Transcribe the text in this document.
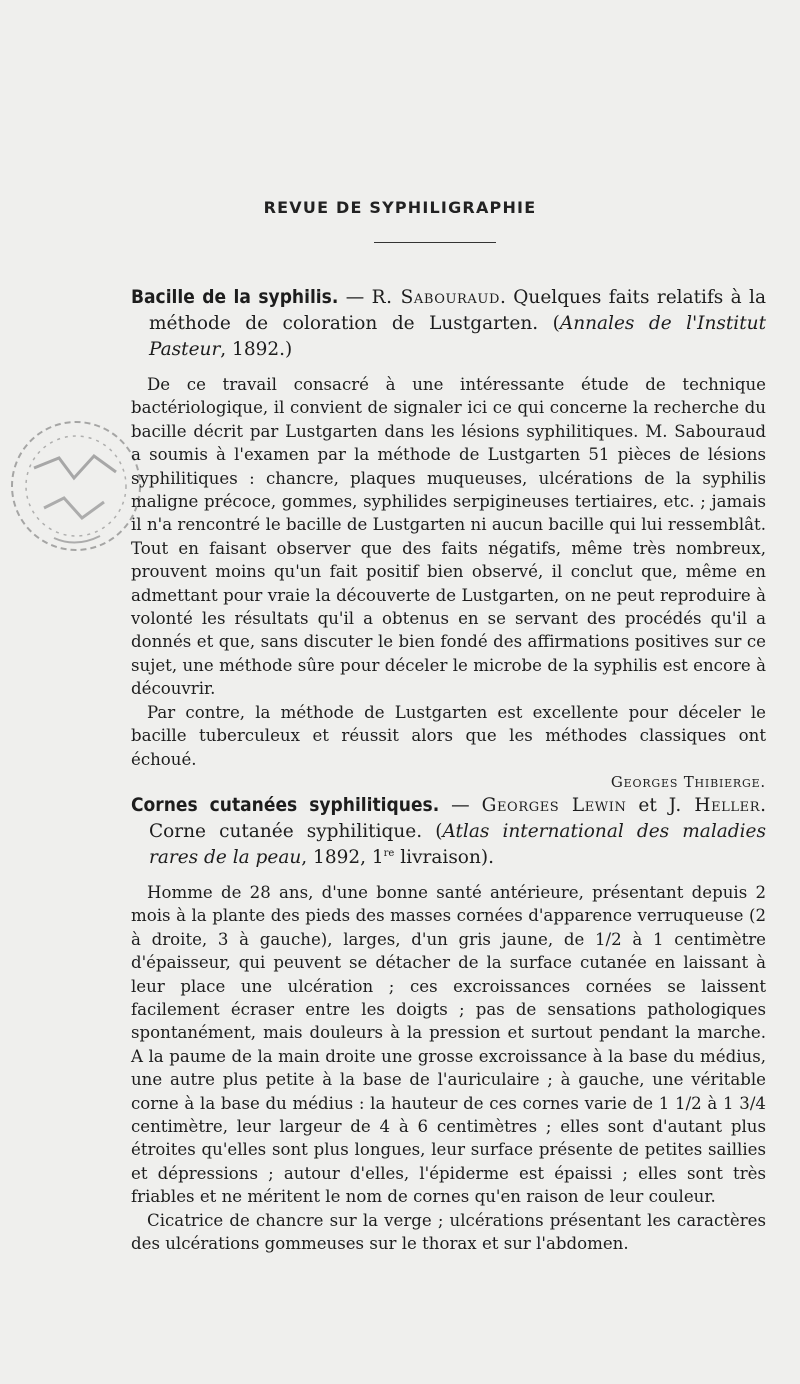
REVUE DE SYPHILIGRAPHIE

Bacille de la syphilis. — R. Sabouraud. Quelques faits relatifs à la méthode de coloration de Lustgarten. (Annales de l'Institut Pasteur, 1892.)

De ce travail consacré à une intéressante étude de technique bactériologique, il convient de signaler ici ce qui concerne la recherche du bacille décrit par Lustgarten dans les lésions syphilitiques. M. Sabouraud a soumis à l'examen par la méthode de Lustgarten 51 pièces de lésions syphilitiques : chancre, plaques muqueuses, ulcérations de la syphilis maligne précoce, gommes, syphilides serpigineuses tertiaires, etc. ; jamais il n'a rencontré le bacille de Lustgarten ni aucun bacille qui lui ressemblât. Tout en faisant observer que des faits négatifs, même très nombreux, prouvent moins qu'un fait positif bien observé, il conclut que, même en admettant pour vraie la découverte de Lustgarten, on ne peut reproduire à volonté les résultats qu'il a obtenus en se servant des procédés qu'il a donnés et que, sans discuter le bien fondé des affirmations positives sur ce sujet, une méthode sûre pour déceler le microbe de la syphilis est encore à découvrir.

Par contre, la méthode de Lustgarten est excellente pour déceler le bacille tuberculeux et réussit alors que les méthodes classiques ont échoué.

Georges Thibierge.

Cornes cutanées syphilitiques. — Georges Lewin et J. Heller. Corne cutanée syphilitique. (Atlas international des maladies rares de la peau, 1892, 1re livraison).

Homme de 28 ans, d'une bonne santé antérieure, présentant depuis 2 mois à la plante des pieds des masses cornées d'apparence verruqueuse (2 à droite, 3 à gauche), larges, d'un gris jaune, de 1/2 à 1 centimètre d'épaisseur, qui peuvent se détacher de la surface cutanée en laissant à leur place une ulcération ; ces excroissances cornées se laissent facilement écraser entre les doigts ; pas de sensations pathologiques spontanément, mais douleurs à la pression et surtout pendant la marche. A la paume de la main droite une grosse excroissance à la base du médius, une autre plus petite à la base de l'auriculaire ; à gauche, une véritable corne à la base du médius : la hauteur de ces cornes varie de 1 1/2 à 1 3/4 centimètre, leur largeur de 4 à 6 centimètres ; elles sont d'autant plus étroites qu'elles sont plus longues, leur surface présente de petites saillies et dépressions ; autour d'elles, l'épiderme est épaissi ; elles sont très friables et ne méritent le nom de cornes qu'en raison de leur couleur.

Cicatrice de chancre sur la verge ; ulcérations présentant les caractères des ulcérations gommeuses sur le thorax et sur l'abdomen.
